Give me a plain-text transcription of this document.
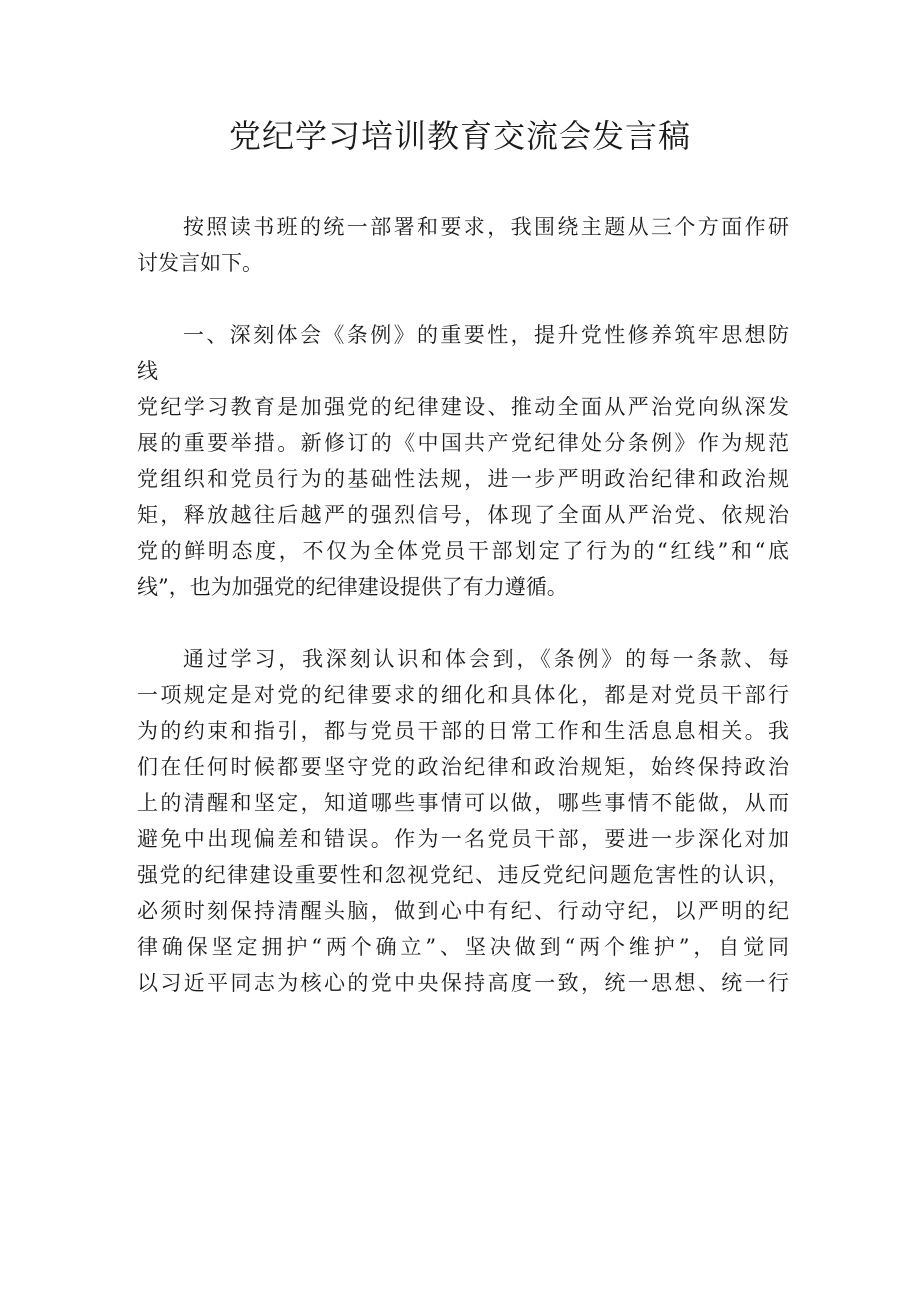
党纪学习培训教育交流会发言稿
按照读书班的统一部署和要求，我围绕主题从三个方面作研
讨发言如下。
一、深刻体会《条例》的重要性，提升党性修养筑牢思想防
线
党纪学习教育是加强党的纪律建设、推动全面从严治党向纵深发
展的重要举措。新修订的《中国共产党纪律处分条例》作为规范
党组织和党员行为的基础性法规，进一步严明政治纪律和政治规
矩，释放越往后越严的强烈信号，体现了全面从严治党、依规治
党的鲜明态度，不仅为全体党员干部划定了行为的“红线”和“底
线”，也为加强党的纪律建设提供了有力遵循。
通过学习，我深刻认识和体会到，《条例》的每一条款、每
一项规定是对党的纪律要求的细化和具体化，都是对党员干部行
为的约束和指引，都与党员干部的日常工作和生活息息相关。我
们在任何时候都要坚守党的政治纪律和政治规矩，始终保持政治
上的清醒和坚定，知道哪些事情可以做，哪些事情不能做，从而
避免中出现偏差和错误。作为一名党员干部，要进一步深化对加
强党的纪律建设重要性和忽视党纪、违反党纪问题危害性的认识，
必须时刻保持清醒头脑，做到心中有纪、行动守纪，以严明的纪
律确保坚定拥护“两个确立”、坚决做到“两个维护”，自觉同
以习近平同志为核心的党中央保持高度一致，统一思想、统一行
